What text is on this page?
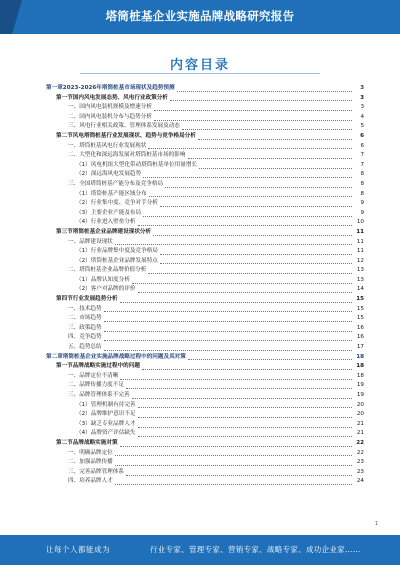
塔筒桩基企业实施品牌战略研究报告
内容目录
第一章 2023-2026年塔筒桩基市场现状及趋势预测	3
第一节 国内风电发展态势、风电行业政策分析	3
一、 国内风电装机规模及增速分析	3
二、 国内风电装机分布与趋势分析	4
三、 风电行业相关政策、管理体系发展及动态	5
第二节 风电塔筒桩基行业发展现状、趋势与竞争格局分析	6
一、 塔筒桩基风电行业发展现状	6
二、 大型化和深远海发展对塔筒桩基市场的影响	7
（1） 风电机组大型化带动塔筒桩基单位用量增长	7
（2） 深远海风电发展趋势	8
三、 全国塔筒桩基产能分布及竞争格局	8
（1） 塔筒桩基产能区域分布	8
（2） 行业集中度、竞争对手分析	9
（3） 主要企业产能及布局	9
（4） 行业进入壁垒分析	10
第三节 塔筒桩基企业品牌建设现状分析	11
一、 品牌建设现状	11
（1） 行业品牌集中度及竞争格局	11
（2） 塔筒桩基企业品牌发展特点	12
二、 塔筒桩基企业品牌价值分析	13
（1） 品牌认知度分析	13
（2） 客户对品牌的评价	14
第四节 行业发展趋势分析	15
一、 技术趋势	15
二、 市场趋势	15
三、 政策趋势	16
四、 竞争趋势	16
五、 趋势总结	17
第二章 塔筒桩基企业实施品牌战略过程中的问题及其对策	18
第一节 品牌战略实施过程中的问题	18
一、 品牌定位不清晰	18
二、 品牌传播力度不足	19
三、 品牌管理体系不完善	19
（1） 管理机制有待完善	20
（2） 品牌维护意识不足	20
（3） 缺乏专业品牌人才	21
（4） 品牌资产评估缺失	21
第二节 品牌战略实施对策	22
一、 明确品牌定位	22
二、 加强品牌传播	23
三、 完善品牌管理体系	23
四、 培养品牌人才	24
1
让每个人都能成为	行业专家、管理专家、营销专家、战略专家、成功企业家……
